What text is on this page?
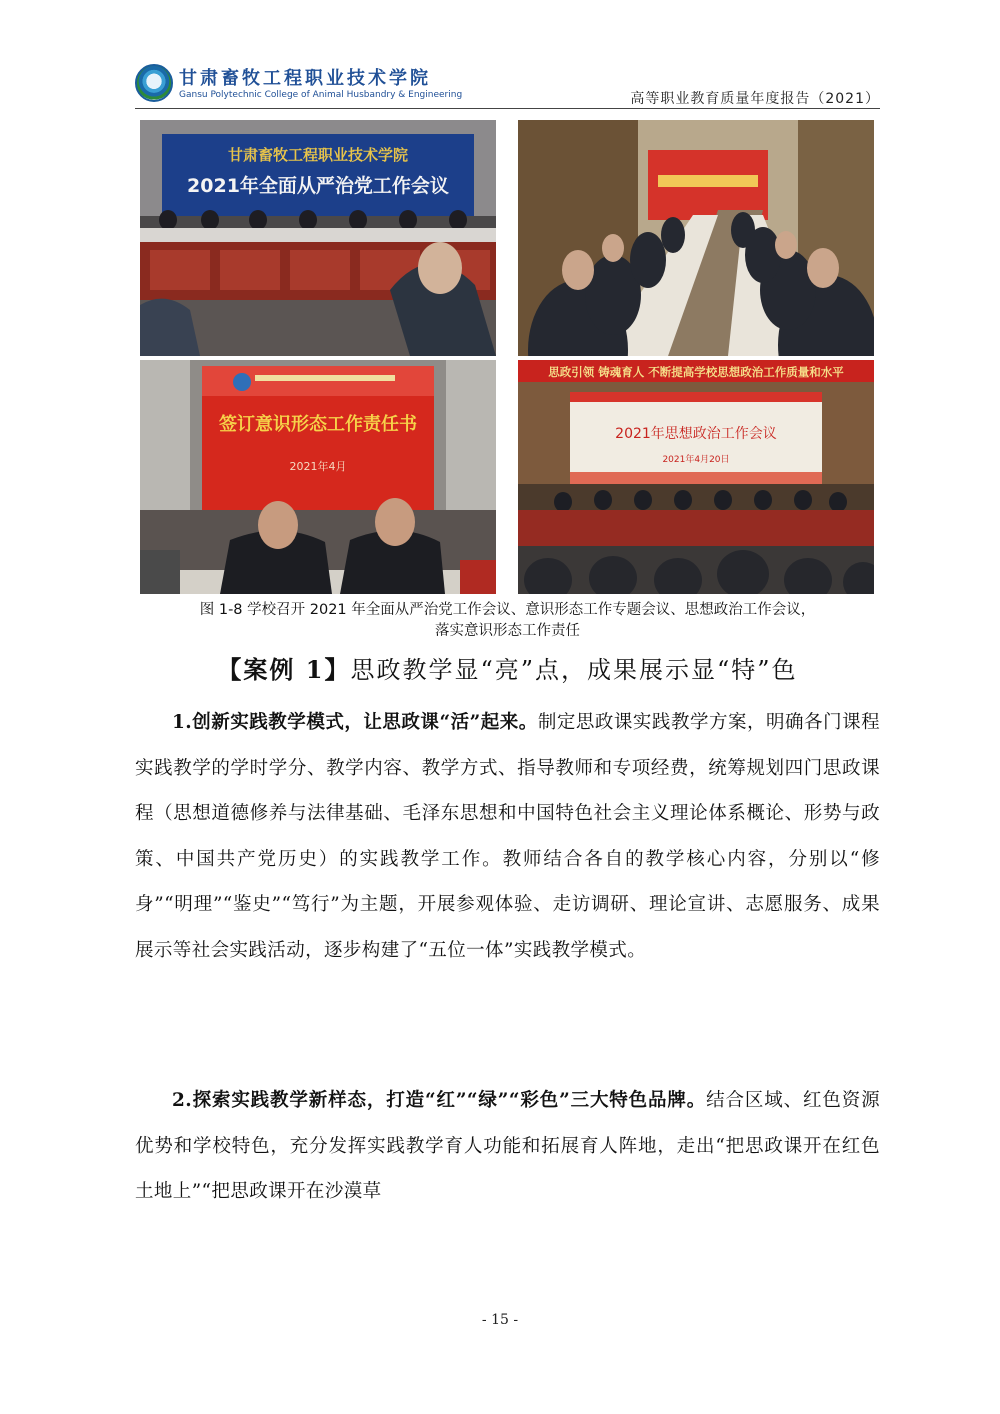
甘肃畜牧工程职业技术学院
Gansu Polytechnic College of Animal Husbandry & Engineering	高等职业教育质量年度报告（2021）
甘肃畜牧工程职业技术学院
2021年全面从严治党工作会议
签订意识形态工作责任书
2021年4月
思政引领 铸魂育人 不断提高学校思想政治工作质量和水平
2021年思想政治工作会议
2021年4月20日
图 1-8 学校召开 2021 年全面从严治党工作会议、意识形态工作专题会议、思想政治工作会议，
落实意识形态工作责任
【案例 1】思政教学显“亮”点，成果展示显“特”色
1.创新实践教学模式，让思政课“活”起来。制定思政课实践教学方案，明确各门课程实践教学的学时学分、教学内容、教学方式、指导教师和专项经费，统筹规划四门思政课程（思想道德修养与法律基础、毛泽东思想和中国特色社会主义理论体系概论、形势与政策、中国共产党历史）的实践教学工作。教师结合各自的教学核心内容，分别以“修身”“明理”“鉴史”“笃行”为主题，开展参观体验、走访调研、理论宣讲、志愿服务、成果展示等社会实践活动，逐步构建了“五位一体”实践教学模式。
2.探索实践教学新样态，打造“红”“绿”“彩色”三大特色品牌。结合区域、红色资源优势和学校特色，充分发挥实践教学育人功能和拓展育人阵地，走出“把思政课开在红色土地上”“把思政课开在沙漠草
- 15 -
